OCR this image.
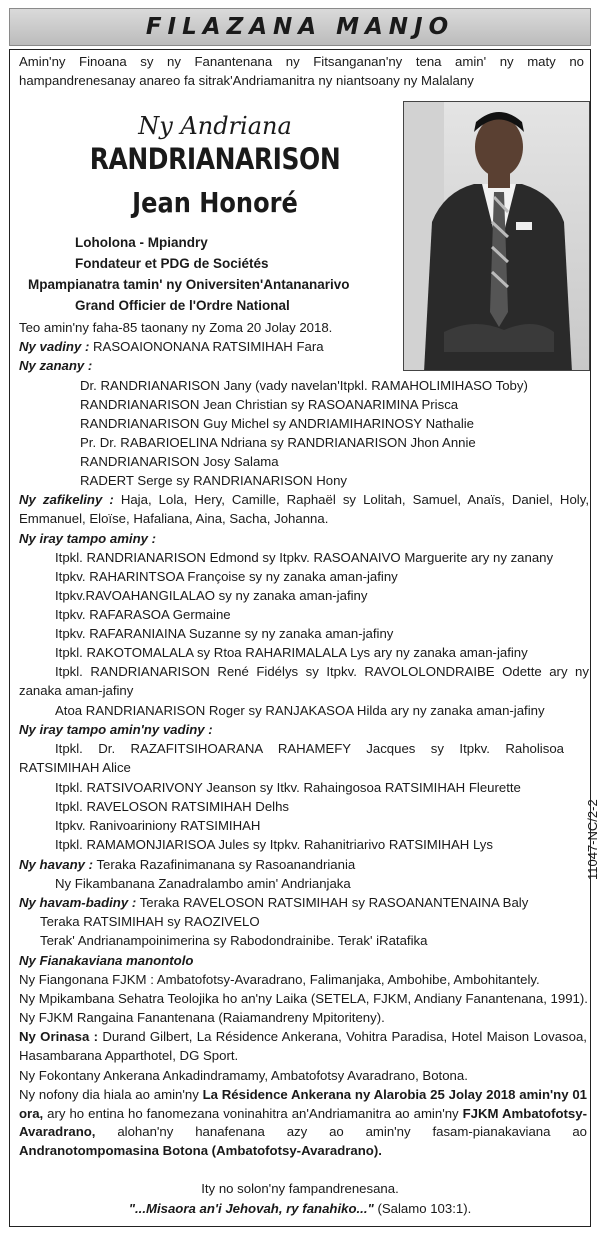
FILAZANA MANJO
Amin'ny Finoana sy ny Fanantenana ny Fitsanganan'ny tena amin' ny maty no hampandrenesanay anareo fa sitrak'Andriamanitra ny niantsoany ny Malalany
Ny Andriana
RANDRIANARISON
Jean Honoré
Loholona - Mpiandry
Fondateur et PDG de Sociétés
Mpampianatra tamin' ny Oniversiten'Antananarivo
Grand Officier de l'Ordre National
Teo amin'ny faha-85 taonany ny Zoma 20 Jolay 2018.
Ny vadiny : RASOAIONONANA RATSIMIHAH Fara
Ny zanany :
Dr. RANDRIANARISON Jany (vady navelan'Itpkl. RAMAHOLIMIHASO Toby)
RANDRIANARISON Jean Christian sy RASOANARIMINA Prisca
RANDRIANARISON Guy Michel sy ANDRIAMIHARINOSY Nathalie
Pr. Dr. RABARIOELINA Ndriana sy RANDRIANARISON Jhon Annie
RANDRIANARISON Josy Salama
RADERT Serge sy RANDRIANARISON Hony
Ny zafikeliny : Haja, Lola, Hery, Camille, Raphaël sy Lolitah, Samuel, Anaïs, Daniel, Holy, Emmanuel, Eloïse, Hafaliana, Aina, Sacha, Johanna.
Ny iray tampo aminy :
Itpkl. RANDRIANARISON Edmond sy Itpkv. RASOANAIVO Marguerite ary ny zanany
Itpkv. RAHARINTSOA Françoise sy ny zanaka aman-jafiny
Itpkv.RAVOAHANGILALAO sy ny zanaka aman-jafiny
Itpkv. RAFARASOA Germaine
Itpkv. RAFARANIAINA Suzanne sy ny zanaka aman-jafiny
Itpkl. RAKOTOMALALA sy Rtoa RAHARIMALALA Lys ary ny zanaka aman-jafiny
Itpkl. RANDRIANARISON René Fidélys sy Itpkv. RAVOLOLONDRAIBE Odette ary ny zanaka aman-jafiny
Atoa RANDRIANARISON Roger sy RANJAKASOA Hilda ary ny zanaka aman-jafiny
Ny iray tampo amin'ny vadiny :
Itpkl. Dr. RAZAFITSIHOARANA RAHAMEFY Jacques sy Itpkv. Raholisoa RATSIMIHAH Alice
Itpkl. RATSIVOARIVONY Jeanson sy Itkv. Rahaingosoa RATSIMIHAH Fleurette
Itpkl. RAVELOSON RATSIMIHAH Delhs
Itpkv. Ranivoariniony RATSIMIHAH
Itpkl. RAMAMONJIARISOA Jules sy Itpkv. Rahanitriarivo RATSIMIHAH Lys
Ny havany : Teraka Razafinimanana sy Rasoanandriania
Ny Fikambanana Zanadralambo amin' Andrianjaka
Ny havam-badiny : Teraka RAVELOSON RATSIMIHAH sy RASOANANTENAINA Baly
Teraka RATSIMIHAH sy RAOZIVELO
Terak' Andrianampoinimerina sy Rabodondrainibe. Terak' iRatafika
Ny Fianakaviana manontolo
Ny Fiangonana FJKM : Ambatofotsy-Avaradrano, Falimanjaka, Ambohibe, Ambohitantely.
Ny Mpikambana Sehatra Teolojika ho an'ny Laika (SETELA, FJKM, Andiany Fanantenana, 1991).
Ny FJKM Rangaina Fanantenana (Raiamandreny Mpitoriteny).
Ny Orinasa : Durand Gilbert, La Résidence Ankerana, Vohitra Paradisa, Hotel Maison Lovasoa, Hasambarana Apparthotel, DG Sport.
Ny Fokontany Ankerana Ankadindramamy, Ambatofotsy Avaradrano, Botona.
Ny nofony dia hiala ao amin'ny La Résidence Ankerana ny Alarobia 25 Jolay 2018 amin'ny 01 ora, ary ho entina ho fanomezana voninahitra an'Andriamanitra ao amin'ny FJKM Ambatofotsy-Avaradrano, alohan'ny hanafenana azy ao amin'ny fasam-pianakaviana ao Andranotompomasina Botona (Ambatofotsy-Avaradrano).
Ity no solon'ny fampandrenesana.
"...Misaora an'i Jehovah, ry fanahiko..." (Salamo 103:1).
11047-NC/2-2
